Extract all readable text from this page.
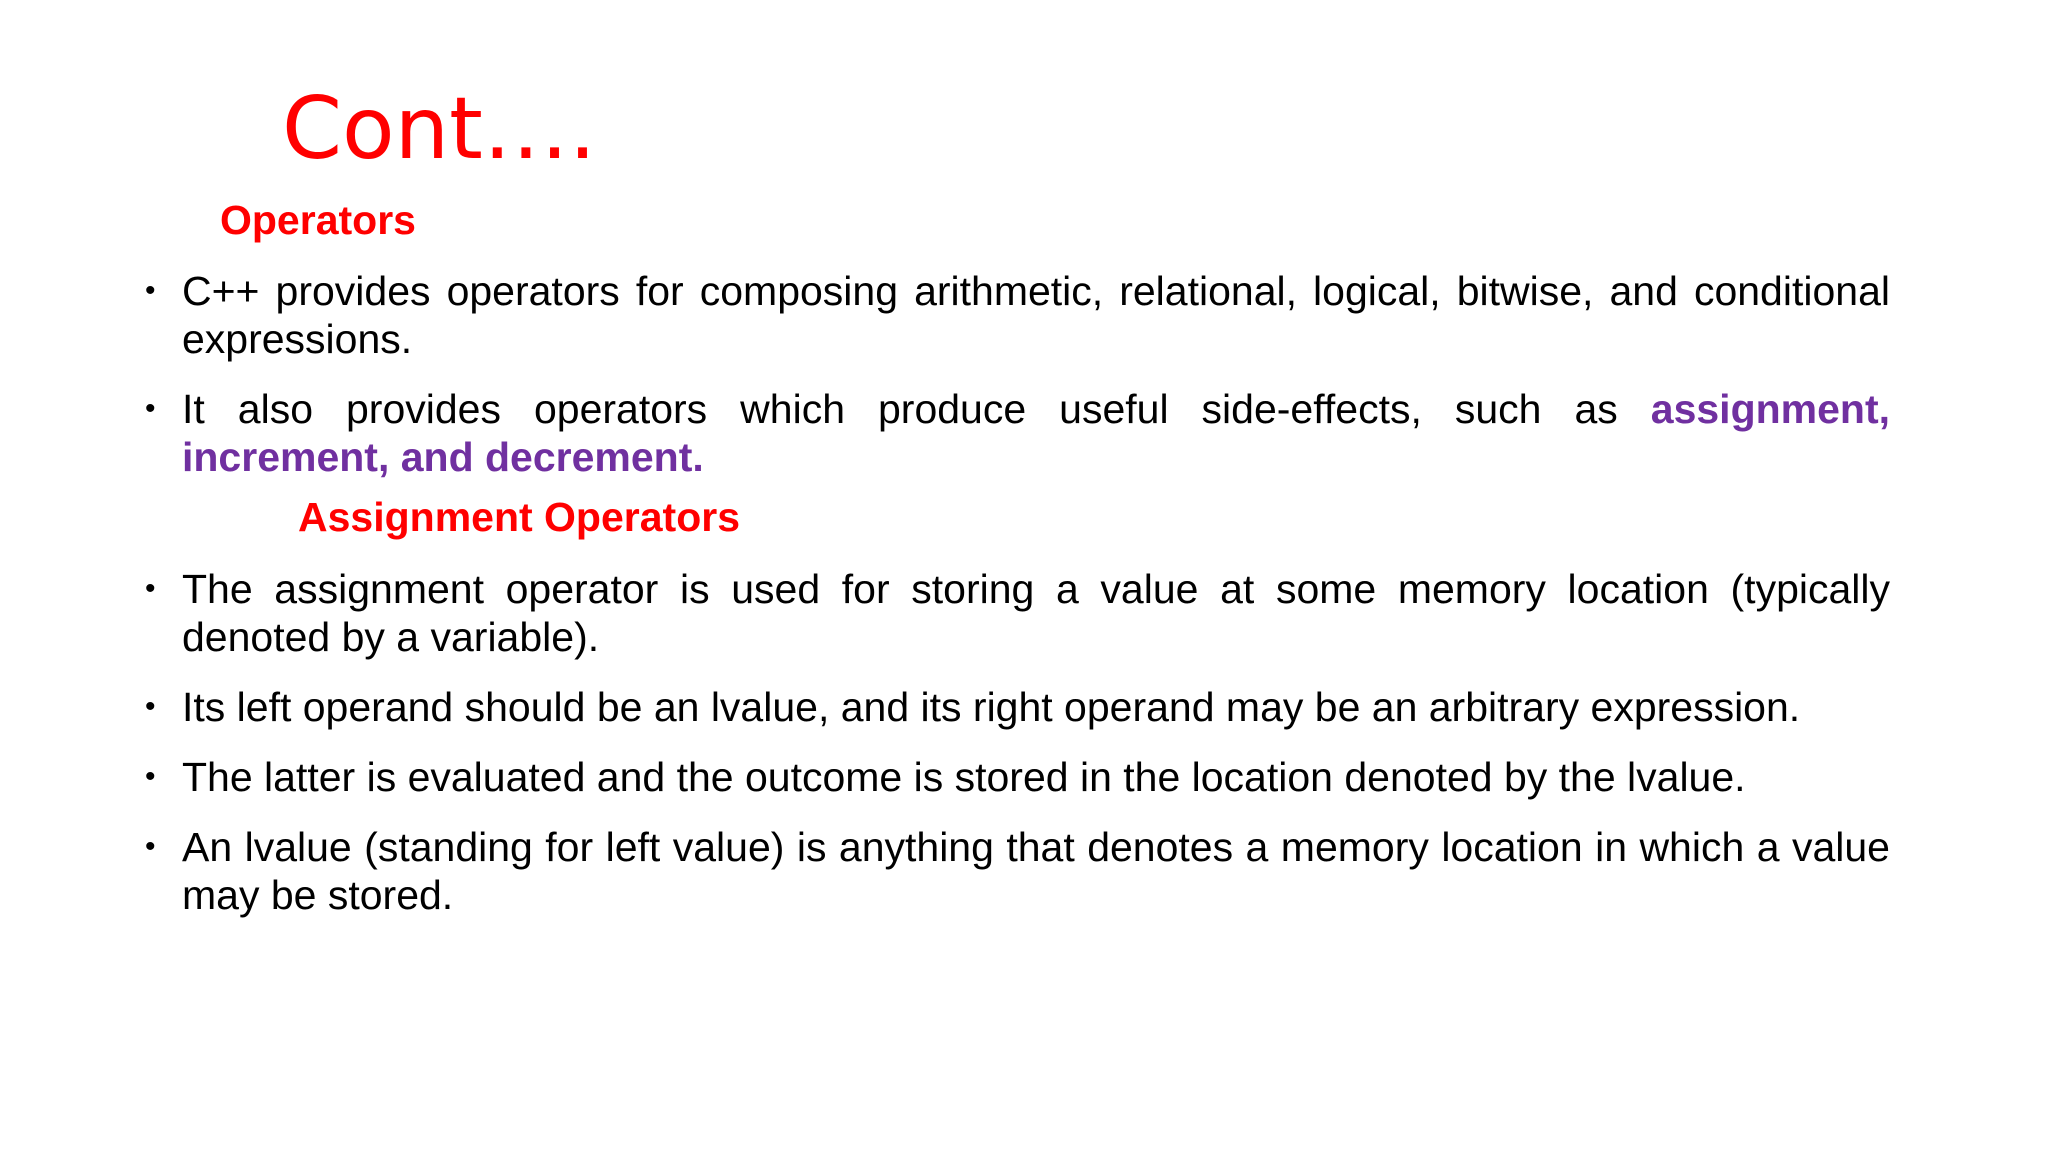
Cont….
Operators
• C++ provides operators for composing arithmetic, relational, logical, bitwise, and conditional expressions.
• It also provides operators which produce useful side-effects, such as assignment, increment, and decrement.
Assignment Operators
• The assignment operator is used for storing a value at some memory location (typically denoted by a variable).
• Its left operand should be an lvalue, and its right operand may be an arbitrary expression.
• The latter is evaluated and the outcome is stored in the location denoted by the lvalue.
• An lvalue (standing for left value) is anything that denotes a memory location in which a value may be stored.
